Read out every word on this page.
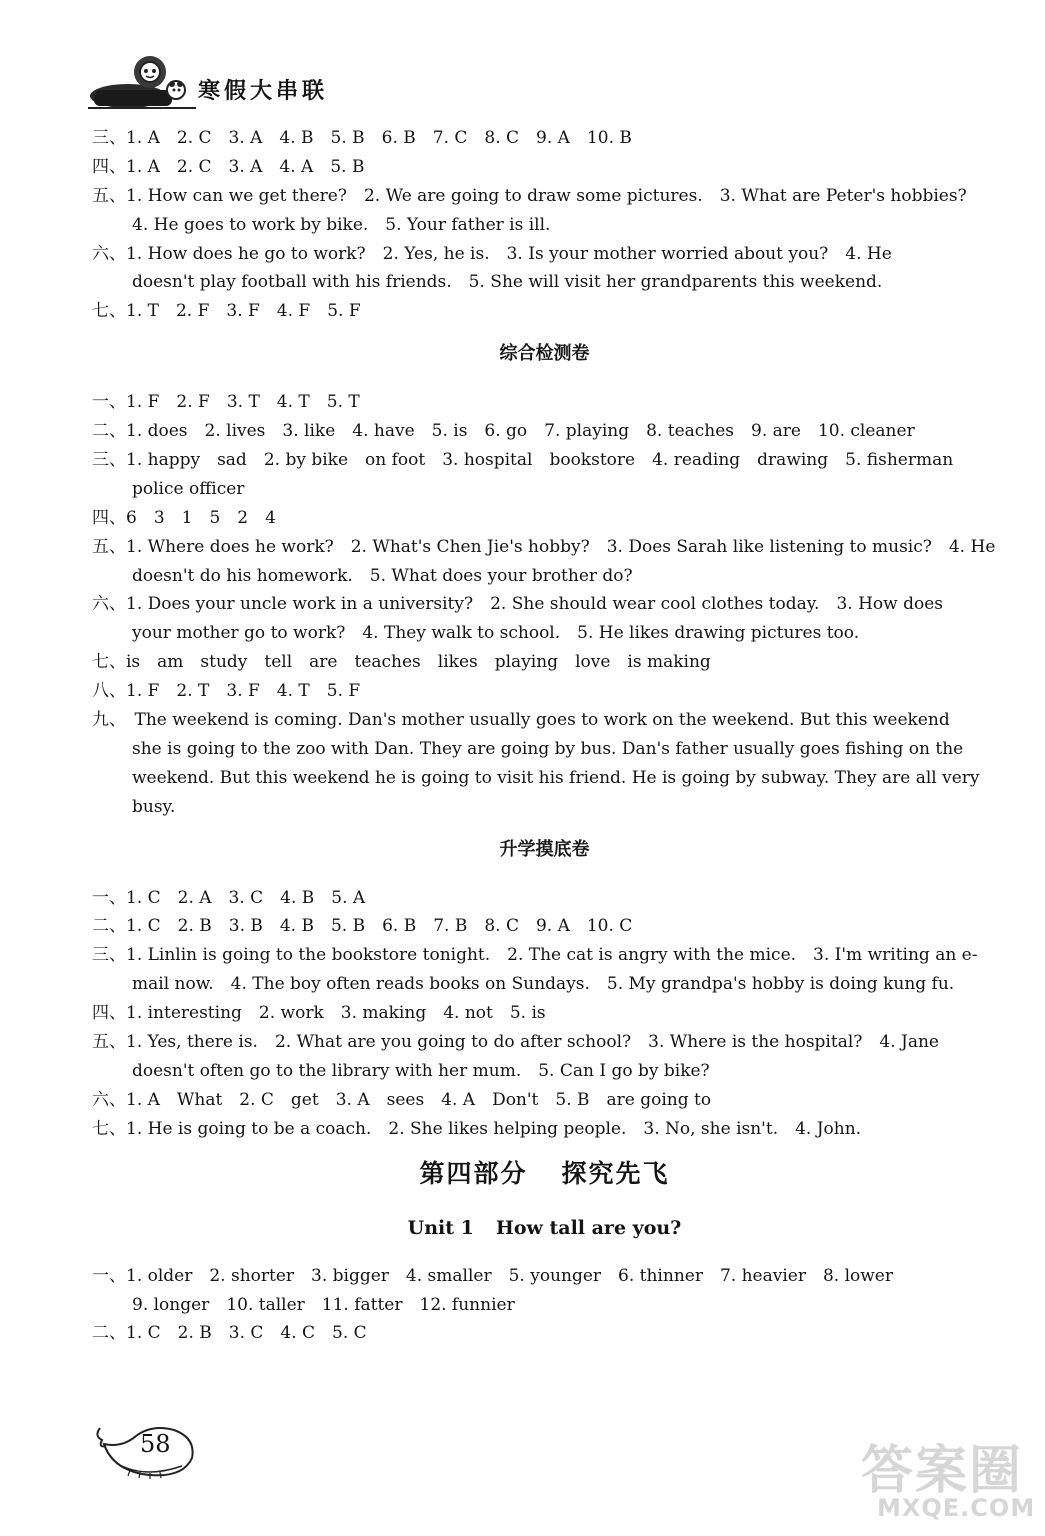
寒假大串联
三、1. A　2. C　3. A　4. B　5. B　6. B　7. C　8. C　9. A　10. B
四、1. A　2. C　3. A　4. A　5. B
五、1. How can we get there?　2. We are going to draw some pictures.　3. What are Peter's hobbies?
4. He goes to work by bike.　5. Your father is ill.
六、1. How does he go to work?　2. Yes, he is.　3. Is your mother worried about you?　4. He
doesn't play football with his friends.　5. She will visit her grandparents this weekend.
七、1. T　2. F　3. F　4. F　5. F
综合检测卷
一、1. F　2. F　3. T　4. T　5. T
二、1. does　2. lives　3. like　4. have　5. is　6. go　7. playing　8. teaches　9. are　10. cleaner
三、1. happy　sad　2. by bike　on foot　3. hospital　bookstore　4. reading　drawing　5. fisherman
police officer
四、6　3　1　5　2　4
五、1. Where does he work?　2. What's Chen Jie's hobby?　3. Does Sarah like listening to music?　4. He
doesn't do his homework.　5. What does your brother do?
六、1. Does your uncle work in a university?　2. She should wear cool clothes today.　3. How does
your mother go to work?　4. They walk to school.　5. He likes drawing pictures too.
七、is　am　study　tell　are　teaches　likes　playing　love　is making
八、1. F　2. T　3. F　4. T　5. F
九、　The weekend is coming. Dan's mother usually goes to work on the weekend. But this weekend
she is going to the zoo with Dan. They are going by bus. Dan's father usually goes fishing on the
weekend. But this weekend he is going to visit his friend. He is going by subway. They are all very
busy.
升学摸底卷
一、1. C　2. A　3. C　4. B　5. A
二、1. C　2. B　3. B　4. B　5. B　6. B　7. B　8. C　9. A　10. C
三、1. Linlin is going to the bookstore tonight.　2. The cat is angry with the mice.　3. I'm writing an e-
mail now.　4. The boy often reads books on Sundays.　5. My grandpa's hobby is doing kung fu.
四、1. interesting　2. work　3. making　4. not　5. is
五、1. Yes, there is.　2. What are you going to do after school?　3. Where is the hospital?　4. Jane
doesn't often go to the library with her mum.　5. Can I go by bike?
六、1. A　What　2. C　get　3. A　sees　4. A　Don't　5. B　are going to
七、1. He is going to be a coach.　2. She likes helping people.　3. No, she isn't.　4. John.
第四部分 探究先飞
Unit 1 How tall are you?
一、1. older　2. shorter　3. bigger　4. smaller　5. younger　6. thinner　7. heavier　8. lower
9. longer　10. taller　11. fatter　12. funnier
二、1. C　2. B　3. C　4. C　5. C
58	答案圈
MXQE.COM
